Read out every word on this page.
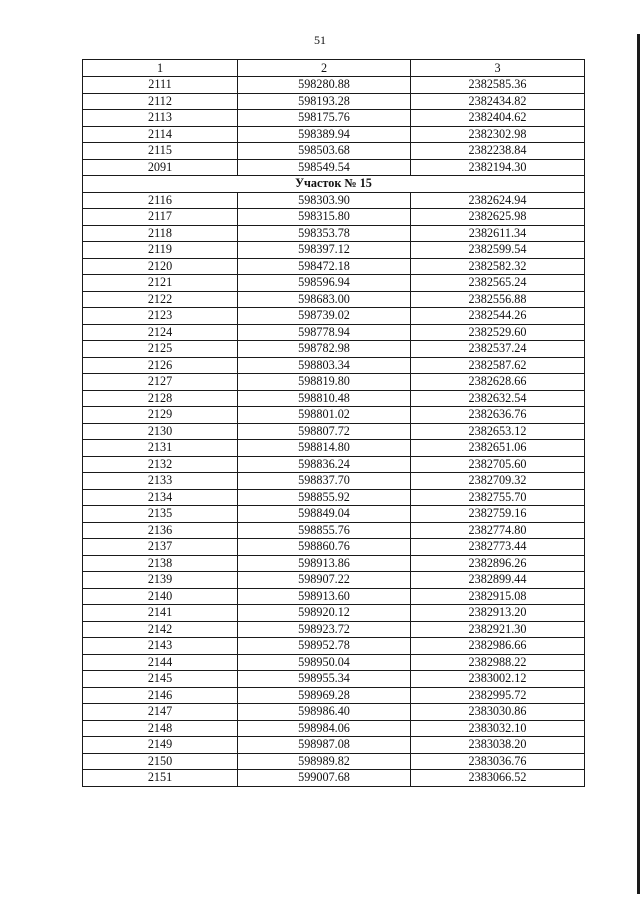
51
1	2	3
2111	598280.88	2382585.36
2112	598193.28	2382434.82
2113	598175.76	2382404.62
2114	598389.94	2382302.98
2115	598503.68	2382238.84
2091	598549.54	2382194.30
Участок № 15		
2116	598303.90	2382624.94
2117	598315.80	2382625.98
2118	598353.78	2382611.34
2119	598397.12	2382599.54
2120	598472.18	2382582.32
2121	598596.94	2382565.24
2122	598683.00	2382556.88
2123	598739.02	2382544.26
2124	598778.94	2382529.60
2125	598782.98	2382537.24
2126	598803.34	2382587.62
2127	598819.80	2382628.66
2128	598810.48	2382632.54
2129	598801.02	2382636.76
2130	598807.72	2382653.12
2131	598814.80	2382651.06
2132	598836.24	2382705.60
2133	598837.70	2382709.32
2134	598855.92	2382755.70
2135	598849.04	2382759.16
2136	598855.76	2382774.80
2137	598860.76	2382773.44
2138	598913.86	2382896.26
2139	598907.22	2382899.44
2140	598913.60	2382915.08
2141	598920.12	2382913.20
2142	598923.72	2382921.30
2143	598952.78	2382986.66
2144	598950.04	2382988.22
2145	598955.34	2383002.12
2146	598969.28	2382995.72
2147	598986.40	2383030.86
2148	598984.06	2383032.10
2149	598987.08	2383038.20
2150	598989.82	2383036.76
2151	599007.68	2383066.52
